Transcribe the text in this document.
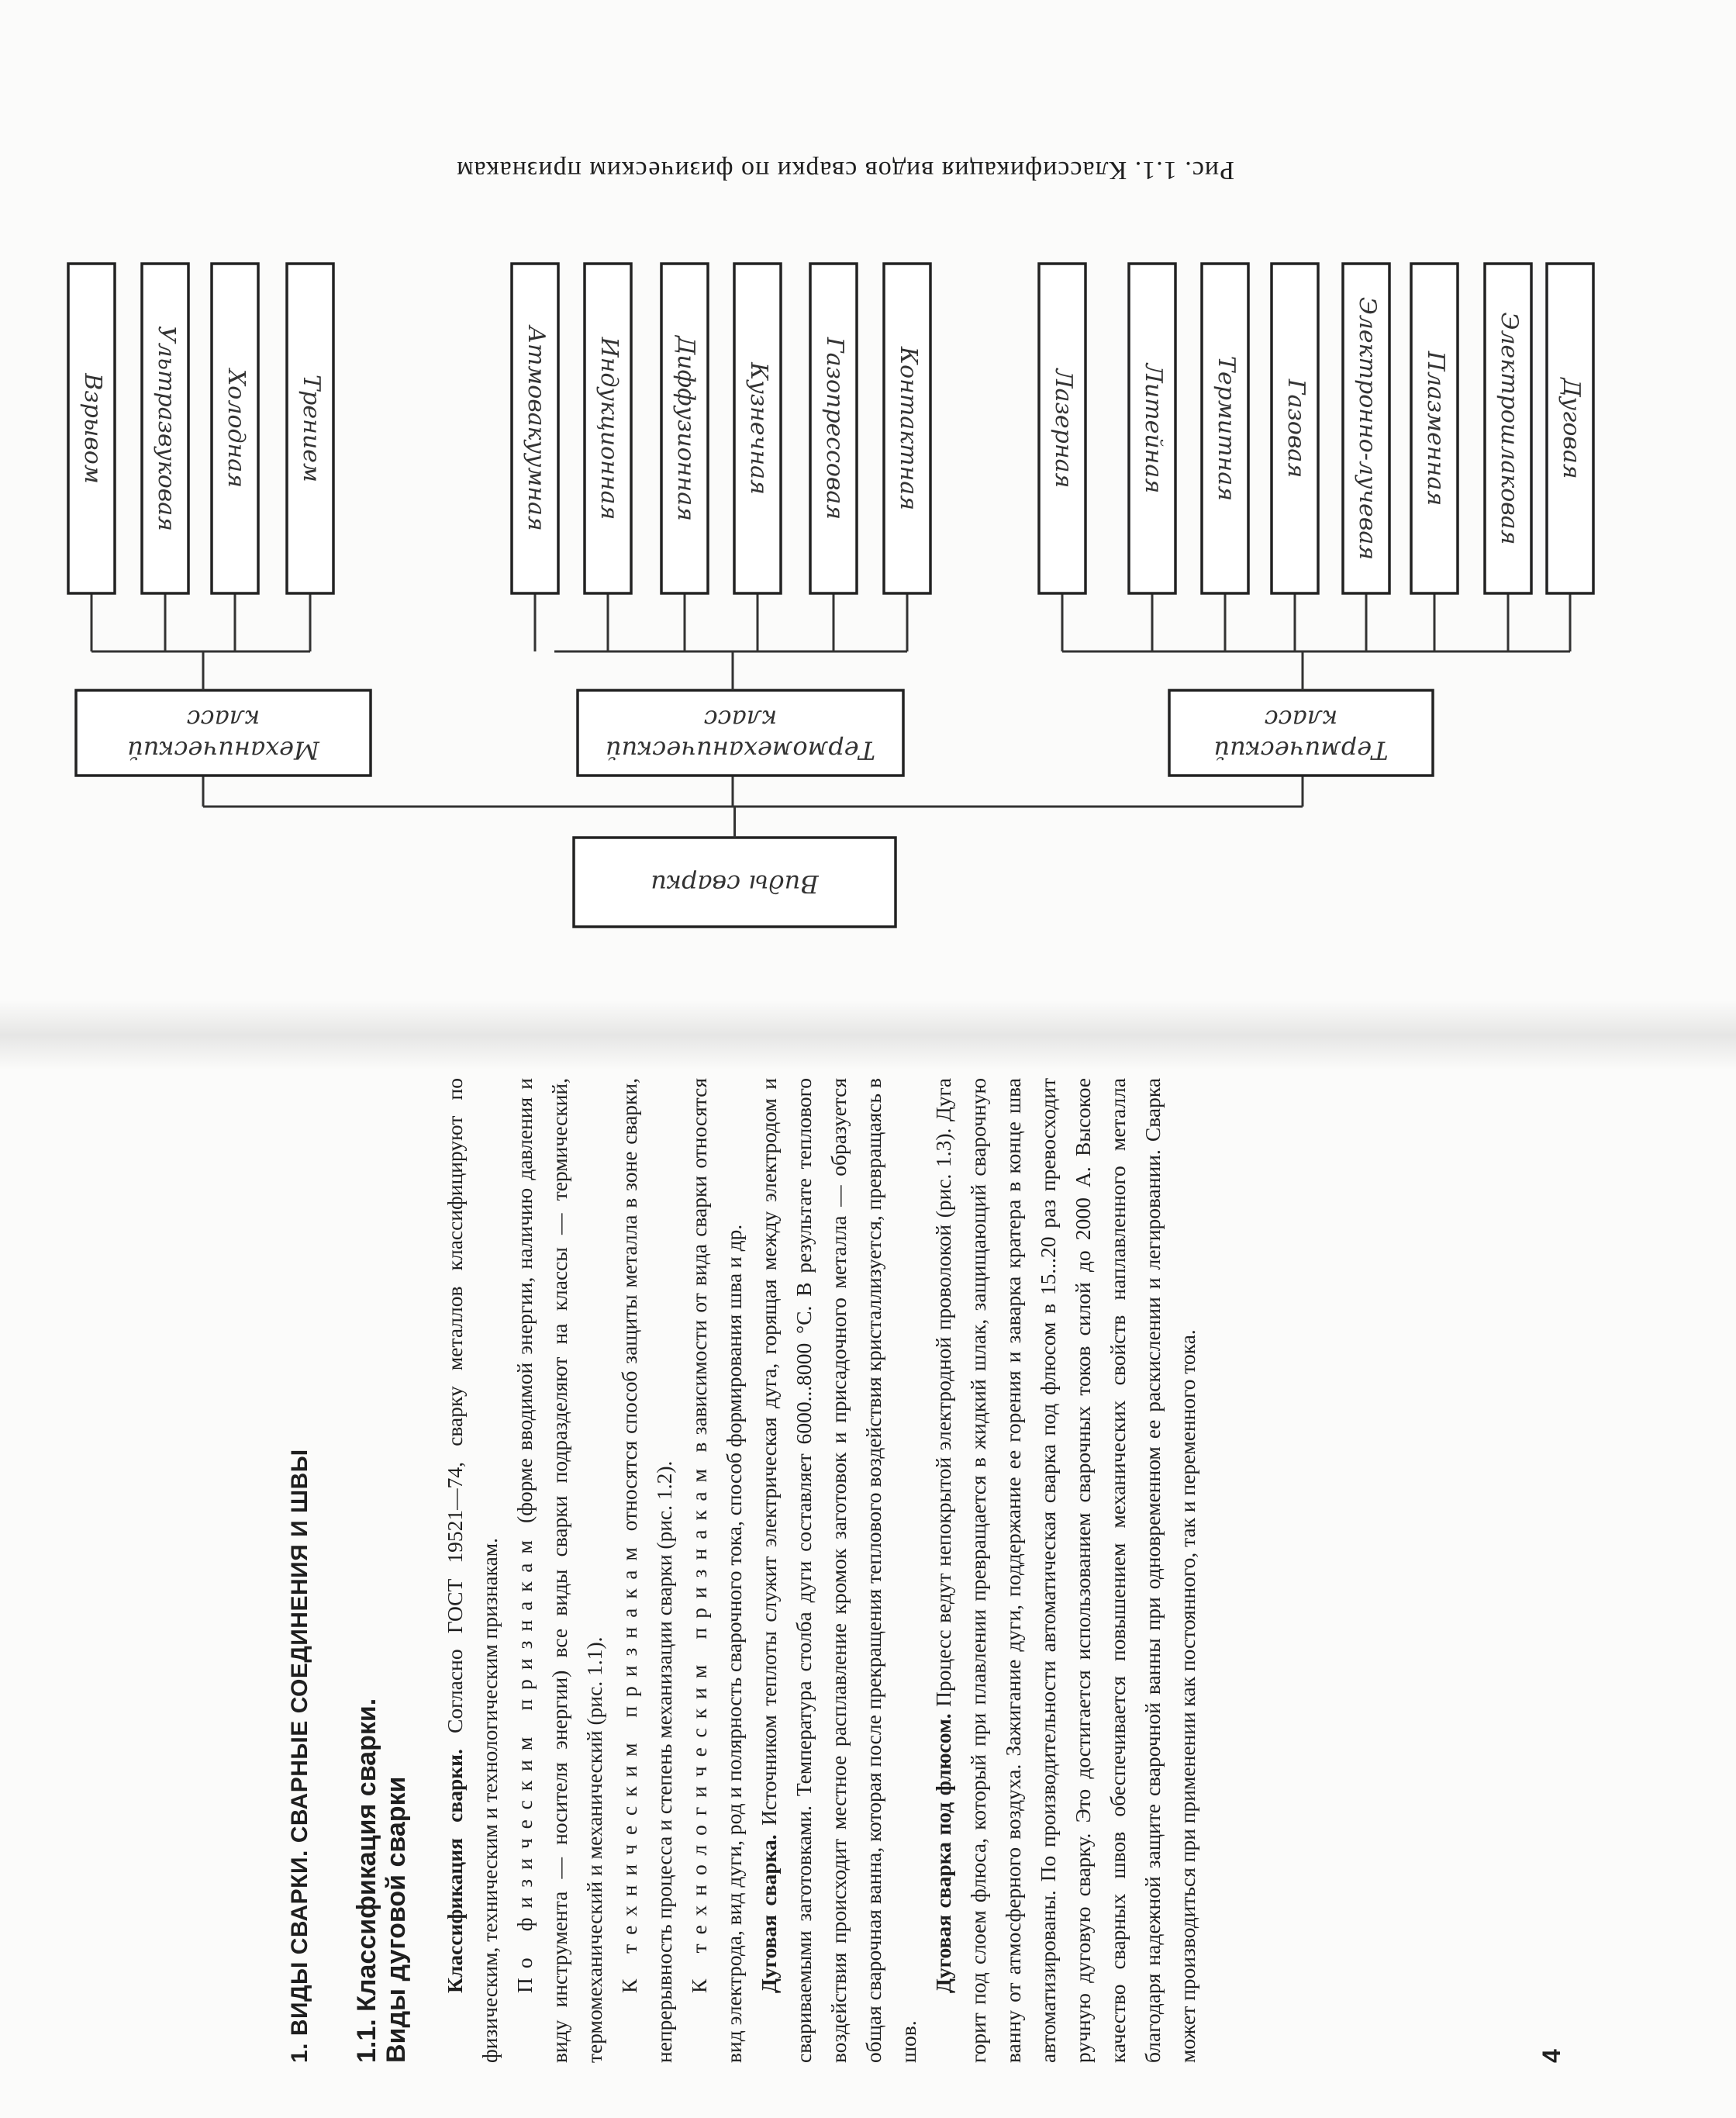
Виды сварки
класс
Термический
Дуговая
Электрошлаковая
Плазменная
Электронно-лучевая
Газовая
Термитная
Литейная
Лазерная
класс
Термомеханический
Контактная
Газопрессовая
Кузнечная
Диффузионная
Индукционная
Атмовакуумная
класс
Механический
Трением
Холодная
Ультразвуковая
Взрывом
Рис. 1.1. Классификация видов сварки по физическим признакам
1. ВИДЫ СВАРКИ. СВАРНЫЕ СОЕДИНЕНИЯ И ШВЫ 1.1. Классификация сварки. Виды дуговой сварки Классификация сварки. Согласно ГОСТ 19521—74, сварку металлов классифицируют по физическим, техническим и технологическим признакам. По физическим признакам (форме вводимой энергии, наличию давления и виду инструмента — носителя энергии) все виды сварки подразделяют на классы — термический, термомеханический и механический (рис. 1.1). К техническим признакам относятся способ защиты металла в зоне сварки, непрерывность процесса и степень механизации сварки (рис. 1.2). К технологическим признакам в зависимости от вида сварки относятся вид электрода, вид дуги, род и полярность сварочного тока, способ формирования шва и др. Дуговая сварка. Источником теплоты служит электрическая дуга, горящая между электродом и свариваемыми заготовками. Температура столба дуги составляет 6000...8000 °С. В результате теплового воздействия происходит местное расплавление кромок заготовок и присадочного металла — образуется общая сварочная ванна, которая после прекращения теплового воздействия кристаллизуется, превращаясь в шов.

Дуговая сварка под флюсом. Процесс ведут непокрытой электродной проволокой (рис. 1.3). Дуга горит под слоем флюса, который при плавлении превращается в жидкий шлак, защищающий сварочную ванну от атмосферного воздуха. Зажигание дуги, поддержание ее горения и заварка кратера в конце шва автоматизированы. По производительности автоматическая сварка под флюсом в 15...20 раз превосходит ручную дуговую сварку. Это достигается использованием сварочных токов силой до 2000 А. Высокое качество сварных швов обеспечивается повышением механических свойств наплавленного металла благодаря надежной защите сварочной ванны при одновременном ее раскислении и легировании. Сварка может производиться при применении как постоянного, так и переменного тока.	4
